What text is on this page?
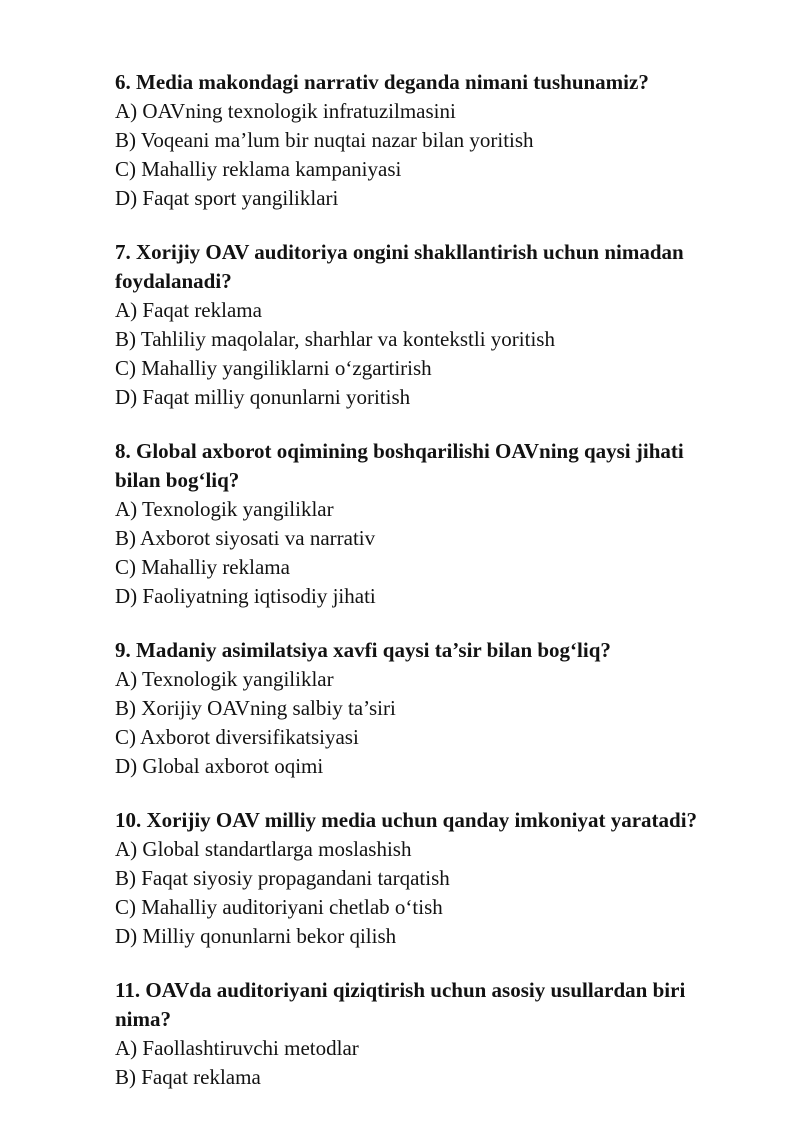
6. Media makondagi narrativ deganda nimani tushunamiz?

A) OAVning texnologik infratuzilmasini

B) Voqeani ma’lum bir nuqtai nazar bilan yoritish

C) Mahalliy reklama kampaniyasi

D) Faqat sport yangiliklari

7. Xorijiy OAV auditoriya ongini shakllantirish uchun nimadan foydalanadi?

A) Faqat reklama

B) Tahliliy maqolalar, sharhlar va kontekstli yoritish

C) Mahalliy yangiliklarni o‘zgartirish

D) Faqat milliy qonunlarni yoritish

8. Global axborot oqimining boshqarilishi OAVning qaysi jihati bilan bog‘liq?

A) Texnologik yangiliklar

B) Axborot siyosati va narrativ

C) Mahalliy reklama

D) Faoliyatning iqtisodiy jihati

9. Madaniy asimilatsiya xavfi qaysi ta’sir bilan bog‘liq?

A) Texnologik yangiliklar

B) Xorijiy OAVning salbiy ta’siri

C) Axborot diversifikatsiyasi

D) Global axborot oqimi

10. Xorijiy OAV milliy media uchun qanday imkoniyat yaratadi?

A) Global standartlarga moslashish

B) Faqat siyosiy propagandani tarqatish

C) Mahalliy auditoriyani chetlab o‘tish

D) Milliy qonunlarni bekor qilish

11. OAVda auditoriyani qiziqtirish uchun asosiy usullardan biri nima?

A) Faollashtiruvchi metodlar

B) Faqat reklama
